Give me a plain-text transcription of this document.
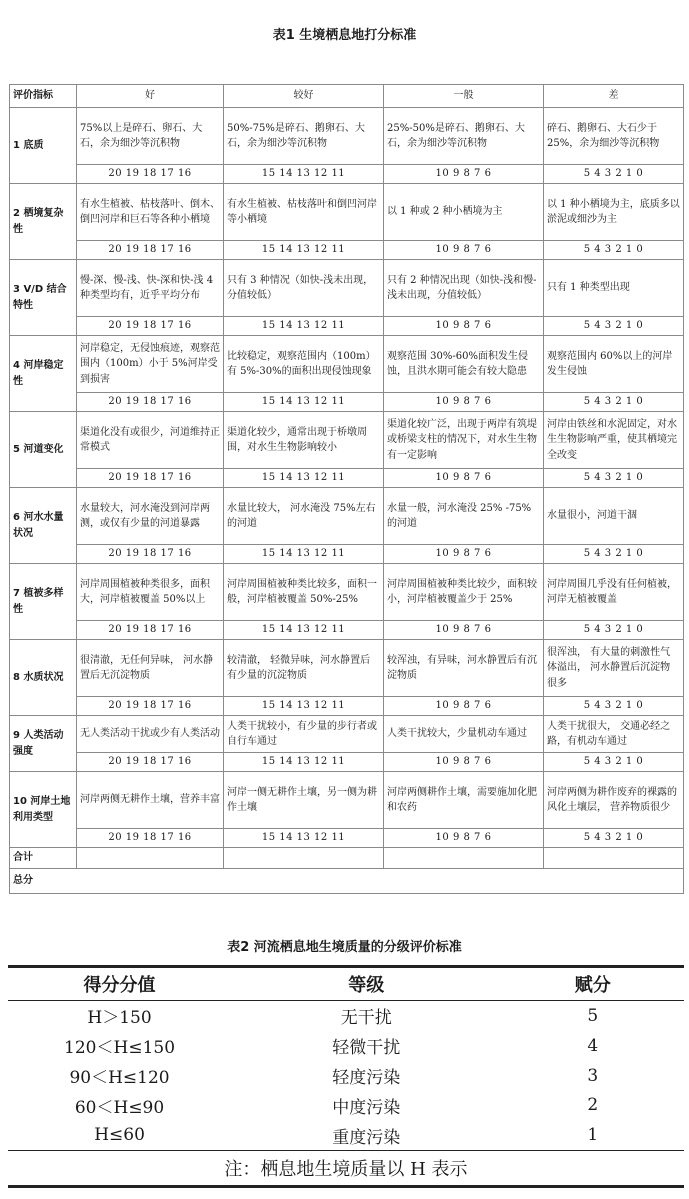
表1 生境栖息地打分标准
评价指标	好	较好	一般	差
1 底质	75%以上是碎石、卵石、大石，余为细沙等沉积物	50%-75%是碎石、鹅卵石、大石，余为细沙等沉积物	25%-50%是碎石、鹅卵石、大石，余为细沙等沉积物	碎石、鹅卵石、大石少于25%，余为细沙等沉积物
	20 19 18 17 16	15 14 13 12 11	10 9 8 7 6	5 4 3 2 1 0
2 栖境复杂性	有水生植被、枯枝落叶、倒木、倒凹河岸和巨石等各种小栖境	有水生植被、枯枝落叶和倒凹河岸等小栖境	以 1 种或 2 种小栖境为主	以 1 种小栖境为主，底质多以淤泥或细沙为主
	20 19 18 17 16	15 14 13 12 11	10 9 8 7 6	5 4 3 2 1 0
3 V/D 结合特性	慢-深、慢-浅、快-深和快-浅 4 种类型均有，近乎平均分布	只有 3 种情况（如快-浅未出现，分值较低）	只有 2 种情况出现（如快-浅和慢-浅未出现，分值较低）	只有 1 种类型出现
	20 19 18 17 16	15 14 13 12 11	10 9 8 7 6	5 4 3 2 1 0
4 河岸稳定性	河岸稳定，无侵蚀痕迹，观察范围内（100m）小于 5%河岸受到损害	比较稳定，观察范围内（100m）有 5%-30%的面积出现侵蚀现象	观察范围 30%-60%面积发生侵蚀，且洪水期可能会有较大隐患	观察范围内 60%以上的河岸发生侵蚀
	20 19 18 17 16	15 14 13 12 11	10 9 8 7 6	5 4 3 2 1 0
5 河道变化	渠道化没有或很少，河道维持正常模式	渠道化较少，通常出现于桥墩周围，对水生生物影响较小	渠道化较广泛，出现于两岸有筑堤或桥梁支柱的情况下，对水生生物有一定影响	河岸由铁丝和水泥固定，对水生生物影响严重，使其栖境完全改变
	20 19 18 17 16	15 14 13 12 11	10 9 8 7 6	5 4 3 2 1 0
6 河水水量状况	水量较大，河水淹没到河岸两测，或仅有少量的河道暴露	水量比较大， 河水淹没 75%左右的河道	水量一般，河水淹没 25% -75%的河道	水量很小，河道干涸
	20 19 18 17 16	15 14 13 12 11	10 9 8 7 6	5 4 3 2 1 0
7 植被多样性	河岸周围植被种类很多，面积大，河岸植被覆盖 50%以上	河岸周围植被种类比较多，面积一般，河岸植被覆盖 50%-25%	河岸周围植被种类比较少，面积较小，河岸植被覆盖少于 25%	河岸周围几乎没有任何植被，河岸无植被覆盖
	20 19 18 17 16	15 14 13 12 11	10 9 8 7 6	5 4 3 2 1 0
8 水质状况	很清澈，无任何异味， 河水静置后无沉淀物质	较清澈， 轻微异味，河水静置后有少量的沉淀物质	较浑浊，有异味，河水静置后有沉淀物质	很浑浊， 有大量的刺激性气体溢出， 河水静置后沉淀物很多
	20 19 18 17 16	15 14 13 12 11	10 9 8 7 6	5 4 3 2 1 0
9 人类活动强度	无人类活动干扰或少有人类活动	人类干扰较小，有少量的步行者或自行车通过	人类干扰较大，少量机动车通过	人类干扰很大， 交通必经之路，有机动车通过
	20 19 18 17 16	15 14 13 12 11	10 9 8 7 6	5 4 3 2 1 0
10 河岸土地利用类型	河岸两侧无耕作土壤，营养丰富	河岸一侧无耕作土壤，另一侧为耕作土壤	河岸两侧耕作土壤，需要施加化肥和农药	河岸两侧为耕作废弃的裸露的风化土壤层， 营养物质很少
	20 19 18 17 16	15 14 13 12 11	10 9 8 7 6	5 4 3 2 1 0
合计				
总分				
表2 河流栖息地生境质量的分级评价标准
得分分值	等级	赋分
H＞150	无干扰	5
120＜H≤150	轻微干扰	4
90＜H≤120	轻度污染	3
60＜H≤90	中度污染	2
H≤60	重度污染	1
注：栖息地生境质量以 H 表示		
